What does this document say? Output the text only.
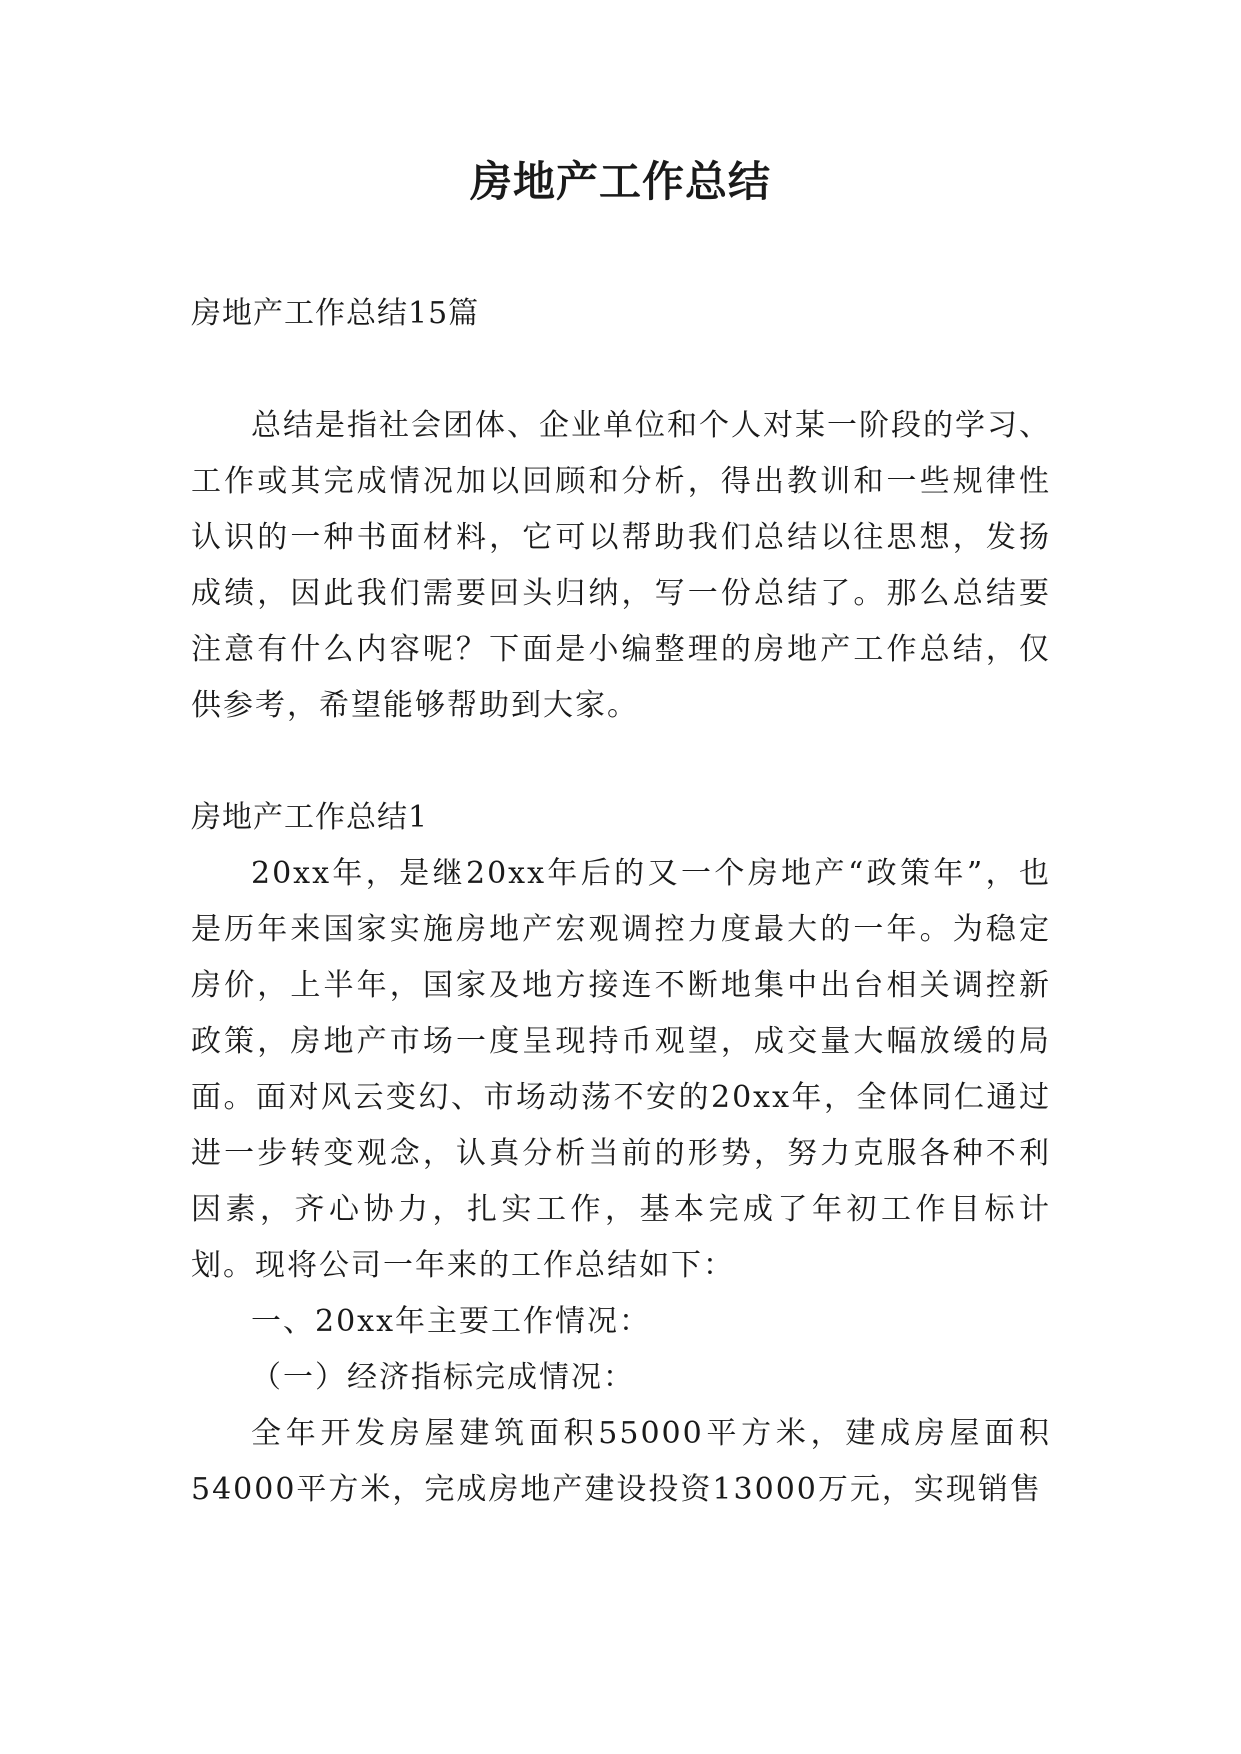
房地产工作总结

房地产工作总结15篇

总结是指社会团体、企业单位和个人对某一阶段的学习、工作或其完成情况加以回顾和分析，得出教训和一些规律性认识的一种书面材料，它可以帮助我们总结以往思想，发扬成绩，因此我们需要回头归纳，写一份总结了。那么总结要注意有什么内容呢？下面是小编整理的房地产工作总结，仅供参考，希望能够帮助到大家。

房地产工作总结1

20xx年，是继20xx年后的又一个房地产“政策年”，也是历年来国家实施房地产宏观调控力度最大的一年。为稳定房价，上半年，国家及地方接连不断地集中出台相关调控新政策，房地产市场一度呈现持币观望，成交量大幅放缓的局面。面对风云变幻、市场动荡不安的20xx年，全体同仁通过进一步转变观念，认真分析当前的形势，努力克服各种不利因素，齐心协力，扎实工作，基本完成了年初工作目标计划。现将公司一年来的工作总结如下：

一、20xx年主要工作情况：

（一）经济指标完成情况：

全年开发房屋建筑面积55000平方米，建成房屋面积54000平方米，完成房地产建设投资13000万元，实现销售
